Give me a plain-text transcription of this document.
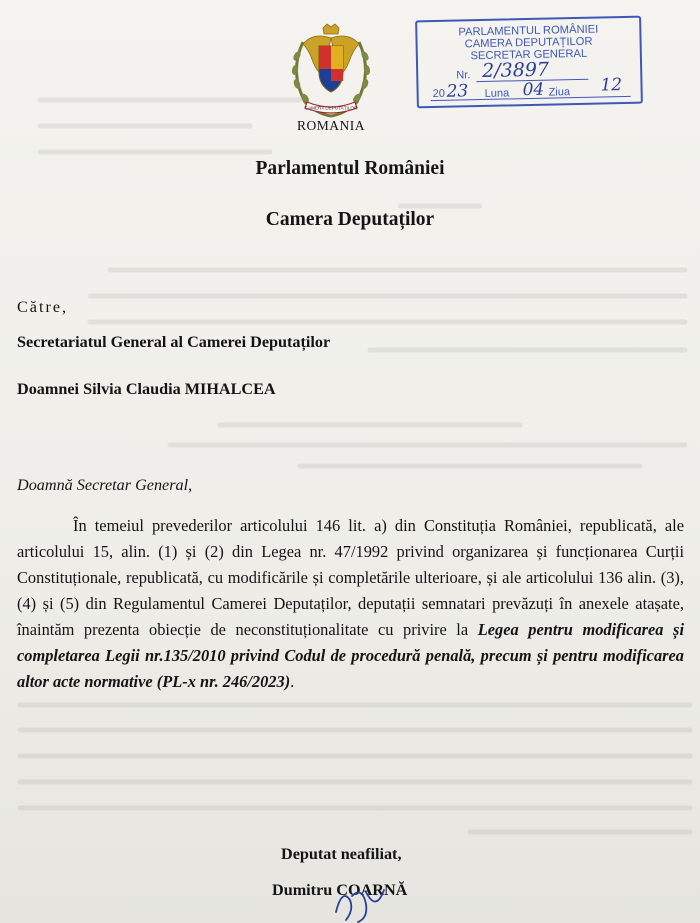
CAMERA DEPUTAȚILOR
ROMANIA
PARLAMENTUL ROMÂNIEI
CAMERA DEPUTAȚILOR
SECRETAR GENERAL
Nr. 2/3897
20 23 Luna 04 Ziua 12
Parlamentul României
Camera Deputaților
Către,
Secretariatul General al Camerei Deputaților
Doamnei Silvia Claudia MIHALCEA
Doamnă Secretar General,
În temeiul prevederilor articolului 146 lit. a) din Constituția României, republicată, ale articolului 15, alin. (1) și (2) din Legea nr. 47/1992 privind organizarea și funcționarea Curții Constituționale, republicată, cu modificările și completările ulterioare, și ale articolului 136 alin. (3), (4) și (5) din Regulamentul Camerei Deputaților, deputații semnatari prevăzuți în anexele atașate, înaintăm prezenta obiecție de neconstituționalitate cu privire la Legea pentru modificarea și completarea Legii nr.135/2010 privind Codul de procedură penală, precum și pentru modificarea altor acte normative (PL-x nr. 246/2023).
Deputat neafiliat,
Dumitru COARNĂ
